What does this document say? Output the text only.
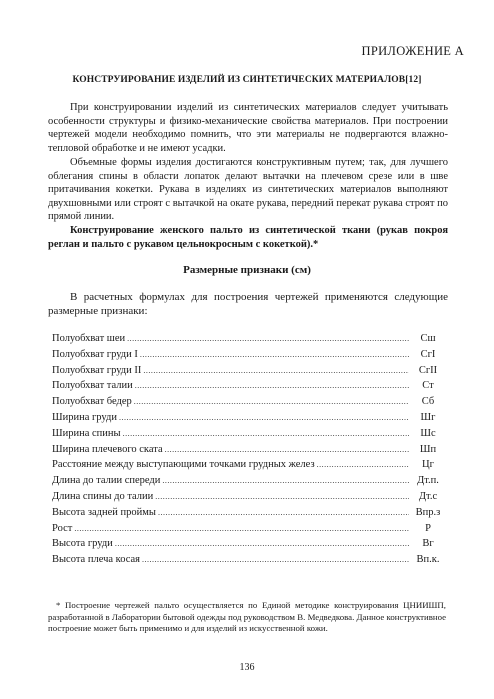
ПРИЛОЖЕНИЕ А
КОНСТРУИРОВАНИЕ ИЗДЕЛИЙ ИЗ СИНТЕТИЧЕСКИХ МАТЕРИАЛОВ[12]

При конструировании изделий из синтетических материалов следует учитывать особенности структуры и физико-механические свойства материалов. При построении чертежей модели необходимо помнить, что эти материалы не подвергаются влажно-тепловой обработке и не имеют усадки.

Объемные формы изделия достигаются конструктивным путем; так, для лучшего облегания спины в области лопаток делают вытачки на плечевом срезе или в шве притачивания кокетки. Рукава в изделиях из синтетических материалов выполняют двухшовными или строят с вытачкой на окате рукава, передний перекат рукава строят по прямой линии.

Конструирование женского пальто из синтетической ткани (рукав покроя реглан и пальто с рукавом цельнокросным с кокеткой).*

Размерные признаки (см)

В расчетных формулах для построения чертежей применяются следующие размерные признаки:

Полуобхват шеи .....	Сш
Полуобхват груди I .....	СгI
Полуобхват груди II .....	СгII
Полуобхват талии .....	Ст
Полуобхват бедер .....	Сб
Ширина груди .....	Шг
Ширина спины .....	Шс
Ширина плечевого ската .....	Шп
Расстояние между выступающими точками грудных желез .....	Цг
Длина до талии спереди .....	Дт.п.
Длина спины до талии .....	Дт.с
Высота задней проймы .....	Впр.з
Рост .....	Р
Высота груди .....	Вг
Высота плеча косая .....	Вп.к.

* Построение чертежей пальто осуществляется по Единой методике конструирования ЦНИИШП, разработанной в Лаборатории бытовой одежды под руководством В. Медведкова. Данное конструктивное построение может быть применимо и для изделий из искусственной кожи.

136
